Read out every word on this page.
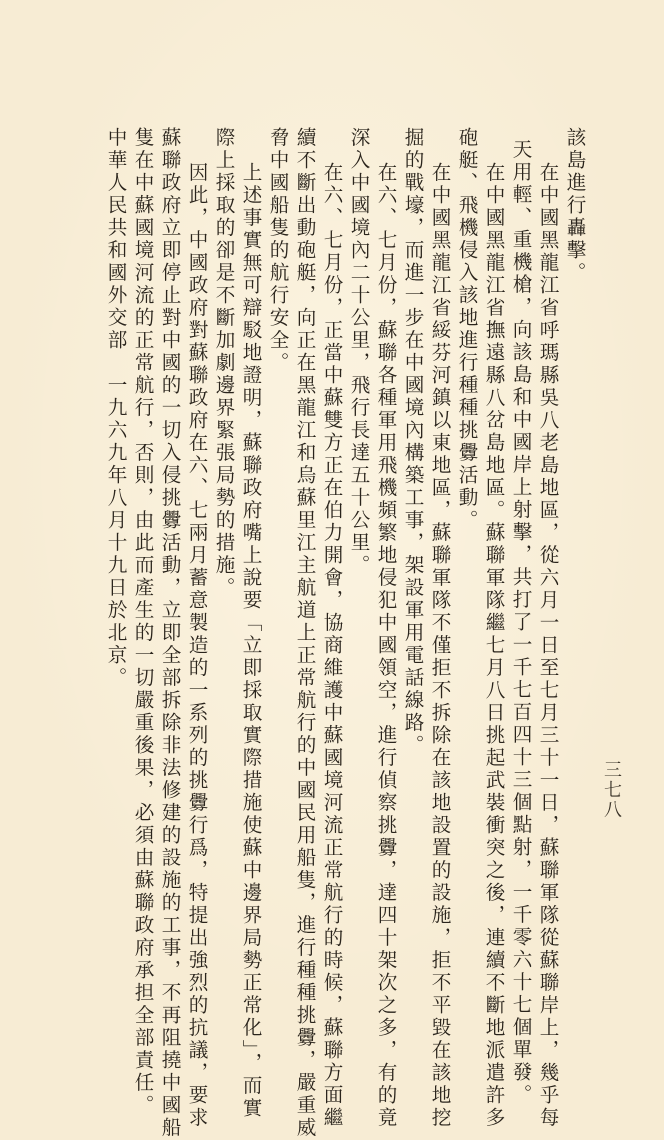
三七八
該島進行轟擊。
在中國黑龍江省呼瑪縣吳八老島地區，從六月一日至七月三十一日，蘇聯軍隊從蘇聯岸上，幾乎每
天用輕、重機槍，向該島和中國岸上射擊，共打了一千七百四十三個點射，一千零六十七個單發。
在中國黑龍江省撫遠縣八岔島地區。蘇聯軍隊繼七月八日挑起武裝衝突之後，連續不斷地派遣許多
砲艇、飛機侵入該地進行種種挑釁活動。
在中國黑龍江省綏芬河鎮以東地區，蘇聯軍隊不僅拒不拆除在該地設置的設施，拒不平毀在該地挖
掘的戰壕，而進一步在中國境內構築工事，架設軍用電話線路。
在六、七月份，蘇聯各種軍用飛機頻繁地侵犯中國領空，進行偵察挑釁，達四十架次之多，有的竟
深入中國境內二十公里，飛行長達五十公里。
在六、七月份，正當中蘇雙方正在伯力開會，協商維護中蘇國境河流正常航行的時候，蘇聯方面繼
續不斷出動砲艇，向正在黑龍江和烏蘇里江主航道上正常航行的中國民用船隻，進行種種挑釁，嚴重威
脅中國船隻的航行安全。
上述事實無可辯駁地證明，蘇聯政府嘴上說要「立即採取實際措施使蘇中邊界局勢正常化」，而實
際上採取的卻是不斷加劇邊界緊張局勢的措施。
因此，中國政府對蘇聯政府在六、七兩月蓄意製造的一系列的挑釁行爲，特提出強烈的抗議，要求
蘇聯政府立即停止對中國的一切入侵挑釁活動，立即全部拆除非法修建的設施的工事，不再阻撓中國船
隻在中蘇國境河流的正常航行，否則，由此而產生的一切嚴重後果，必須由蘇聯政府承担全部責任。
中華人民共和國外交部　一九六九年八月十九日於北京。
